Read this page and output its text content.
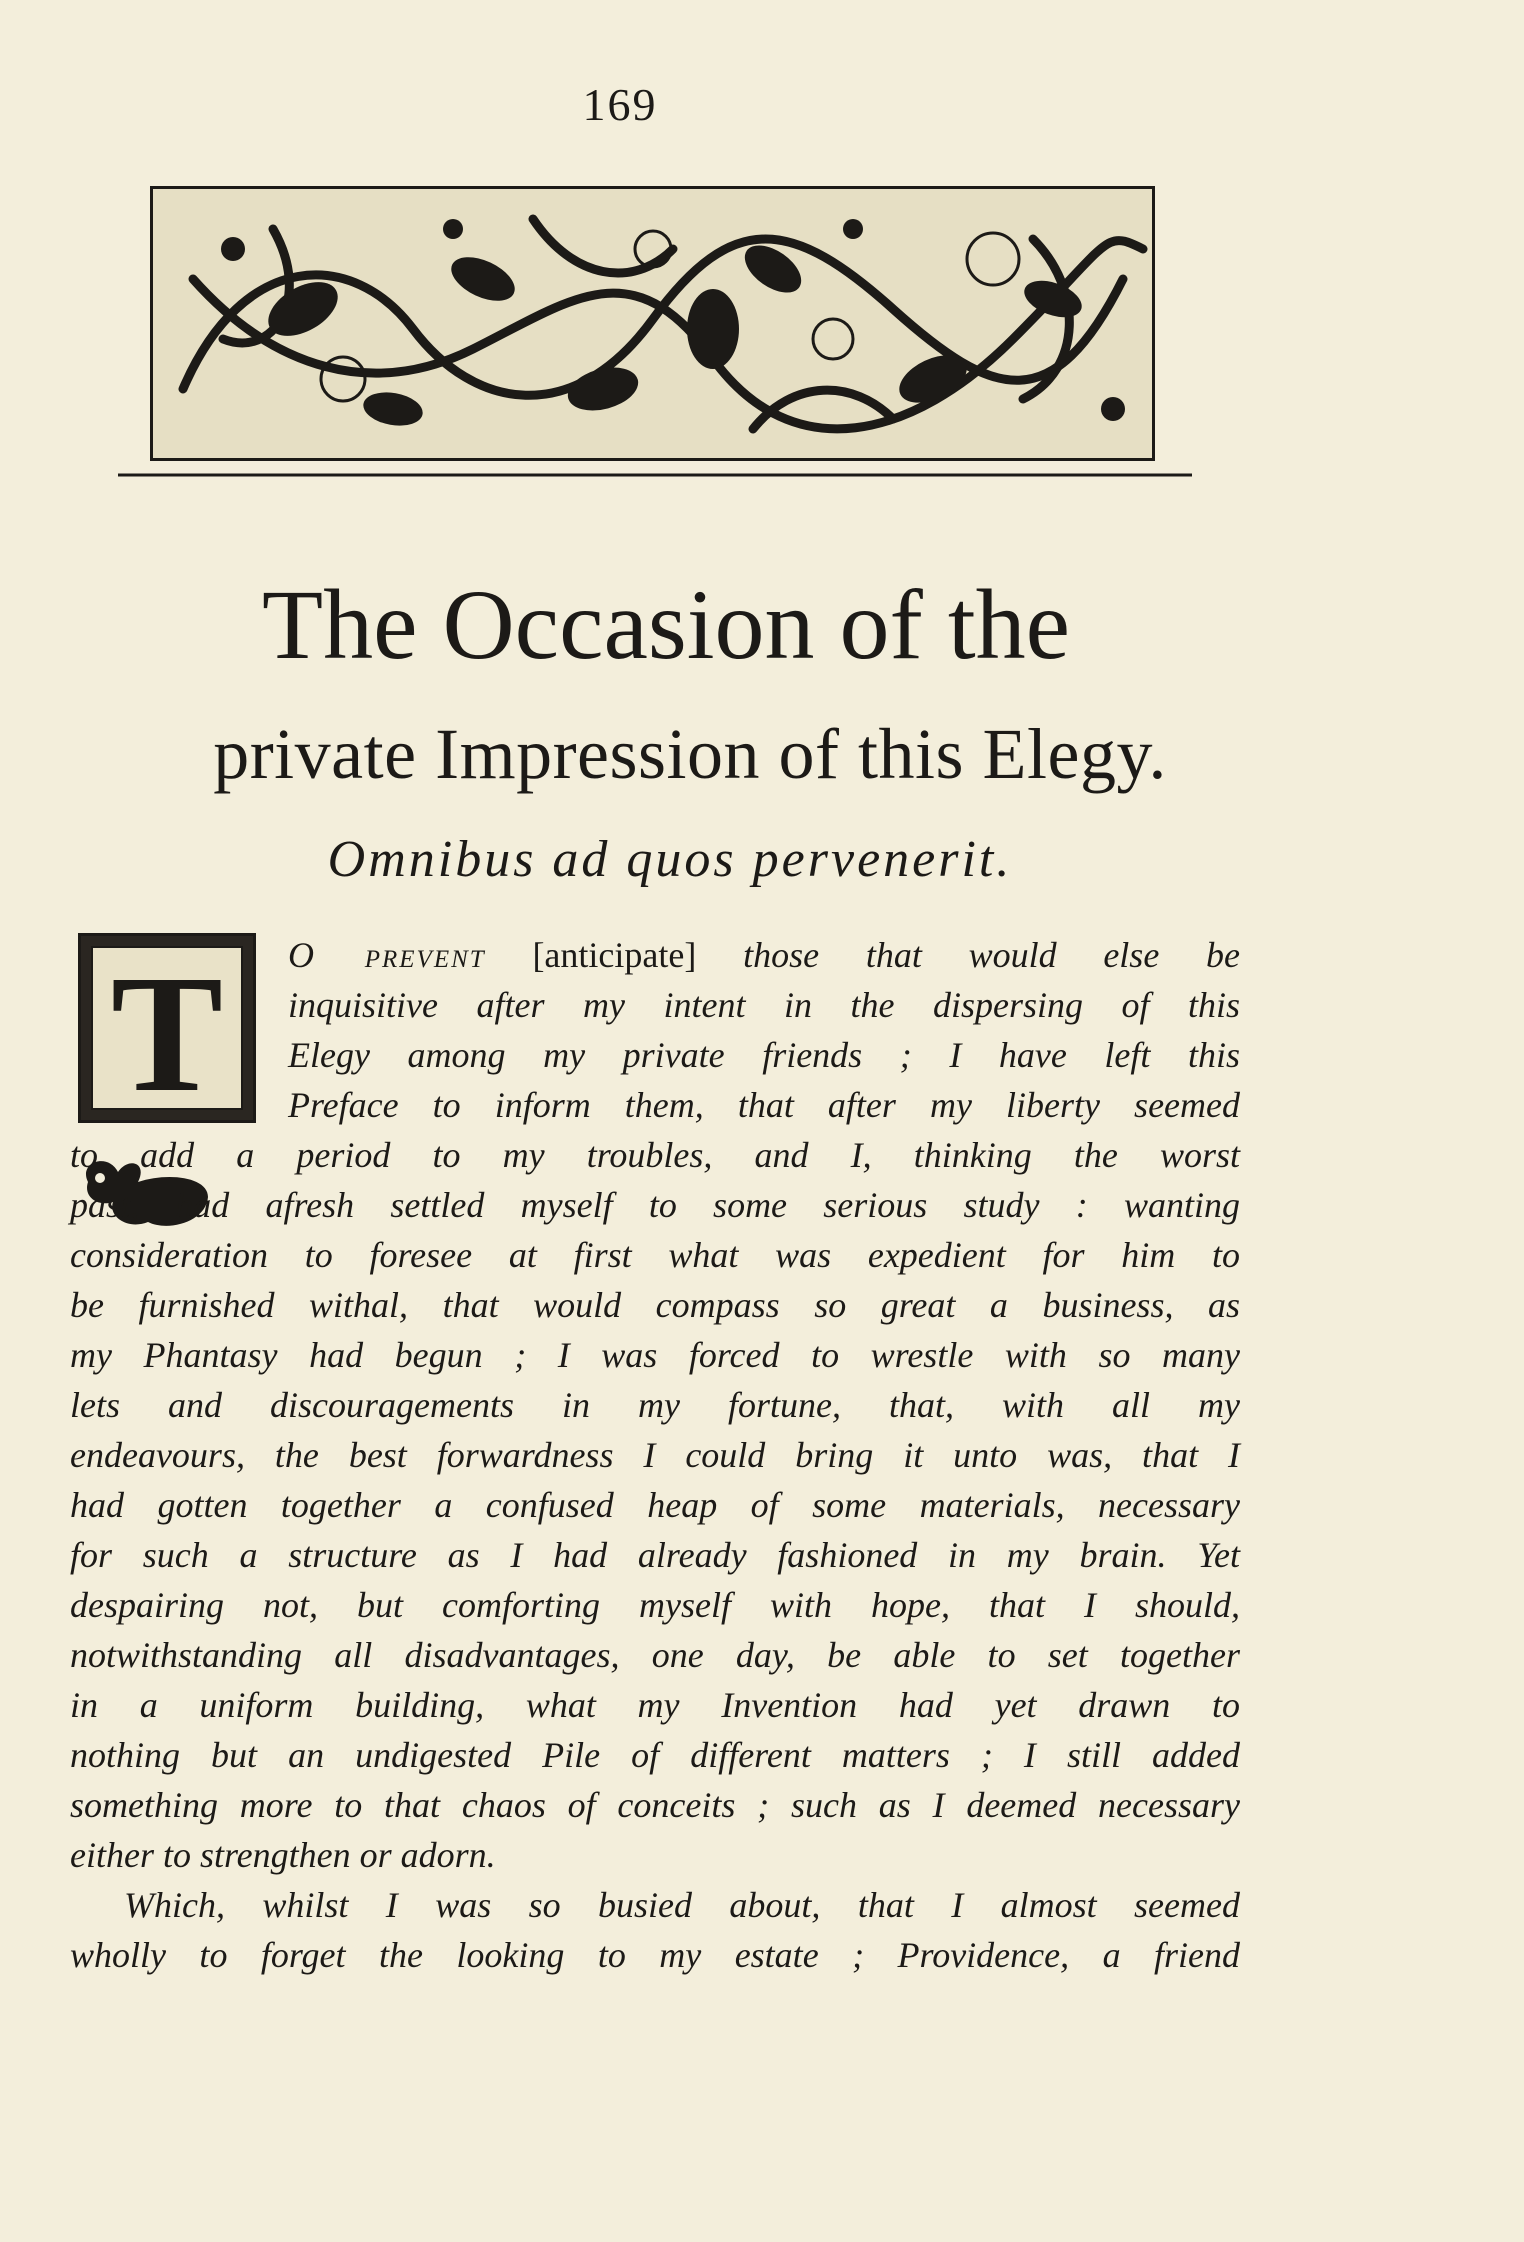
169
The Occasion of the
private Impression of this Elegy.
Omnibus ad quos pervenerit.
T	O prevent [anticipate] those that would else be
inquisitive after my intent in the dispersing of this
Elegy among my private friends ; I have left this
Preface to inform them, that after my liberty seemed
to add a period to my troubles, and I, thinking the worst
past, had afresh settled myself to some serious study : wanting
consideration to foresee at first what was expedient for him to
be furnished withal, that would compass so great a business, as
my Phantasy had begun ; I was forced to wrestle with so many
lets and discouragements in my fortune, that, with all my
endeavours, the best forwardness I could bring it unto was, that I
had gotten together a confused heap of some materials, necessary
for such a structure as I had already fashioned in my brain. Yet
despairing not, but comforting myself with hope, that I should,
notwithstanding all disadvantages, one day, be able to set together
in a uniform building, what my Invention had yet drawn to
nothing but an undigested Pile of different matters ; I still added
something more to that chaos of conceits ; such as I deemed necessary
either to strengthen or adorn.
Which, whilst I was so busied about, that I almost seemed
wholly to forget the looking to my estate ; Providence, a friend
